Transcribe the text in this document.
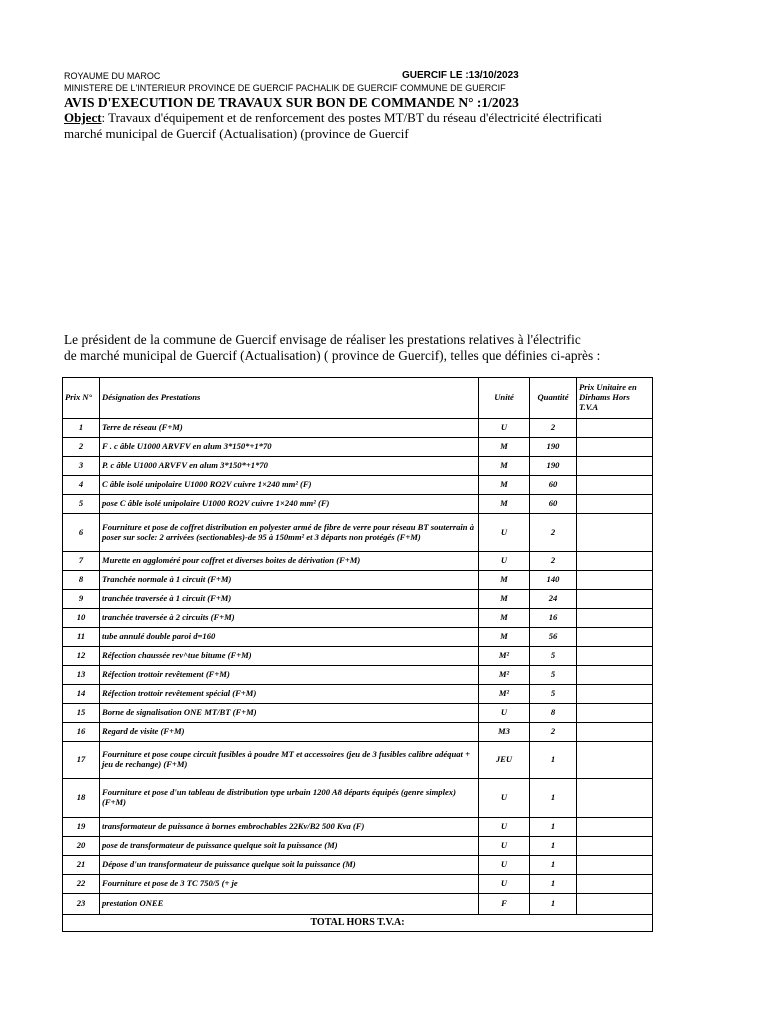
ROYAUME DU MAROC	GUERCIF LE :13/10/2023
MINISTERE DE L'INTERIEUR PROVINCE DE GUERCIF PACHALIK DE GUERCIF COMMUNE DE GUERCIF
AVIS D'EXECUTION DE TRAVAUX SUR BON DE COMMANDE N° :1/2023
Object: Travaux d'équipement et de renforcement des postes MT/BT du réseau d'électricité électrificati
marché municipal de Guercif (Actualisation) (province de Guercif
Le président de la commune de Guercif envisage de réaliser les prestations relatives à l'électrific
de marché municipal de Guercif (Actualisation) ( province de Guercif), telles que définies ci-après :
Prix N°	Désignation des Prestations	Unité	Quantité	Prix Unitaire en Dirhams Hors T.V.A
1	Terre de réseau (F+M)	U	2	
2	F . c âble U1000 ARVFV en alum 3*150*+1*70	M	190	
3	P. c âble U1000 ARVFV en alum 3*150*+1*70	M	190	
4	C âble isolé unipolaire U1000 RO2V cuivre 1×240 mm² (F)	M	60	
5	pose C âble isolé unipolaire U1000 RO2V cuivre 1×240 mm² (F)	M	60	
6	Fourniture et pose de coffret distribution en polyester armé de fibre de verre pour réseau BT souterrain à poser sur socle: 2 arrivées (sectionables)-de 95 à 150mm² et 3 départs non protégés (F+M)	U	2	
7	Murette en aggloméré pour coffret et diverses boites de dérivation (F+M)	U	2	
8	Tranchée normale à 1 circuit (F+M)	M	140	
9	tranchée traversée à 1 circuit (F+M)	M	24	
10	tranchée traversée à 2 circuits (F+M)	M	16	
11	tube annulé double paroi d=160	M	56	
12	Réfection chaussée rev^tue bitume (F+M)	M²	5	
13	Réfection trottoir revêtement (F+M)	M²	5	
14	Réfection trottoir revêtement spécial (F+M)	M²	5	
15	Borne de signalisation ONE MT/BT (F+M)	U	8	
16	Regard de visite (F+M)	M3	2	
17	Fourniture et pose coupe circuit fusibles à poudre MT et accessoires (jeu de 3 fusibles calibre adéquat + jeu de rechange) (F+M)	JEU	1	
18	Fourniture et pose d'un tableau de distribution type urbain 1200 A8 départs équipés (genre simplex) (F+M)	U	1	
19	transformateur de puissance à bornes embrochables 22Kv/B2 500 Kva (F)	U	1	
20	pose de transformateur de puissance quelque soit la puissance (M)	U	1	
21	Dépose d'un transformateur de puissance quelque soit la puissance (M)	U	1	
22	Fourniture et pose de 3 TC 750/5 (+ je	U	1	
23	prestation ONEE	F	1	
TOTAL HORS T.V.A:				
